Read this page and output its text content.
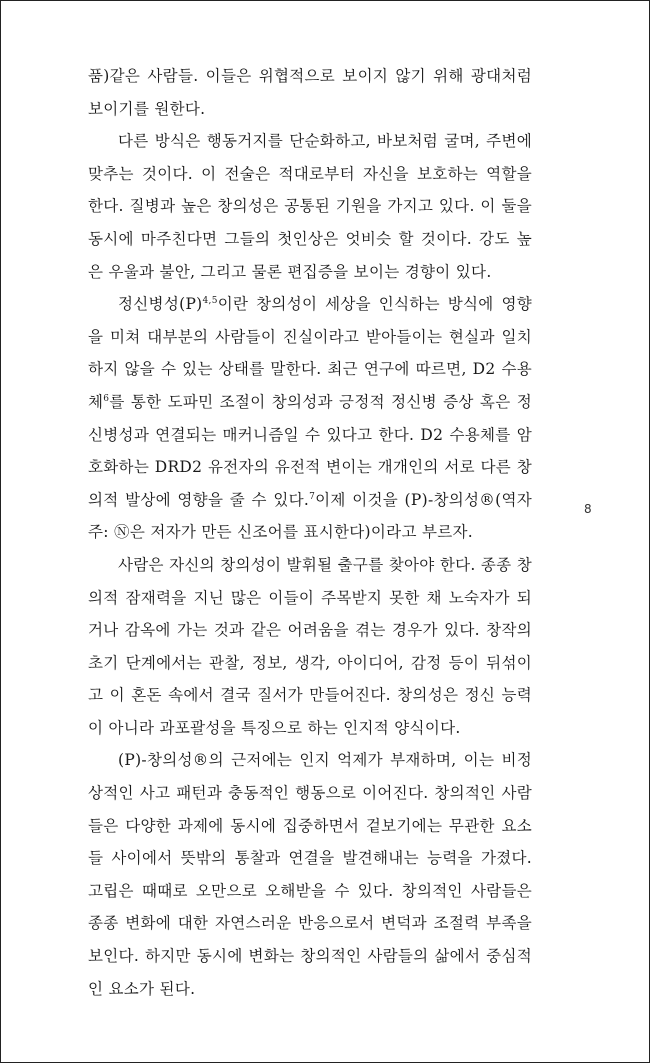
품)같은 사람들. 이들은 위협적으로 보이지 않기 위해 광대처럼 보이기를 원한다.

다른 방식은 행동거지를 단순화하고, 바보처럼 굴며, 주변에 맞추는 것이다. 이 전술은 적대로부터 자신을 보호하는 역할을 한다. 질병과 높은 창의성은 공통된 기원을 가지고 있다. 이 둘을 동시에 마주친다면 그들의 첫인상은 엇비슷 할 것이다. 강도 높은 우울과 불안, 그리고 물론 편집증을 보이는 경향이 있다.

정신병성$(P)^{4,5}$이란 창의성이 세상을 인식하는 방식에 영향을 미쳐 대부분의 사람들이 진실이라고 받아들이는 현실과 일치하지 않을 수 있는 상태를 말한다. 최근 연구에 따르면, D2 수용체$^6$를 통한 도파민 조절이 창의성과 긍정적 정신병 증상 혹은 정신병성과 연결되는 매커니즘일 수 있다고 한다. D2 수용체를 암호화하는 DRD2 유전자의 유전적 변이는 개개인의 서로 다른 창의적 발상에 영향을 줄 수 있다.$^7$이제 이것을 (P)-창의성®(역자 주: Ⓝ은 저자가 만든 신조어를 표시한다)이라고 부르자.

사람은 자신의 창의성이 발휘될 출구를 찾아야 한다. 종종 창의적 잠재력을 지닌 많은 이들이 주목받지 못한 채 노숙자가 되거나 감옥에 가는 것과 같은 어려움을 겪는 경우가 있다. 창작의 초기 단계에서는 관찰, 정보, 생각, 아이디어, 감정 등이 뒤섞이고 이 혼돈 속에서 결국 질서가 만들어진다. 창의성은 정신 능력이 아니라 과포괄성을 특징으로 하는 인지적 양식이다.

(P)-창의성®의 근저에는 인지 억제가 부재하며, 이는 비정상적인 사고 패턴과 충동적인 행동으로 이어진다. 창의적인 사람들은 다양한 과제에 동시에 집중하면서 겉보기에는 무관한 요소들 사이에서 뜻밖의 통찰과 연결을 발견해내는 능력을 가졌다. 고립은 때때로 오만으로 오해받을 수 있다. 창의적인 사람들은 종종 변화에 대한 자연스러운 반응으로서 변덕과 조절력 부족을 보인다. 하지만 동시에 변화는 창의적인 사람들의 삶에서 중심적인 요소가 된다.

8
